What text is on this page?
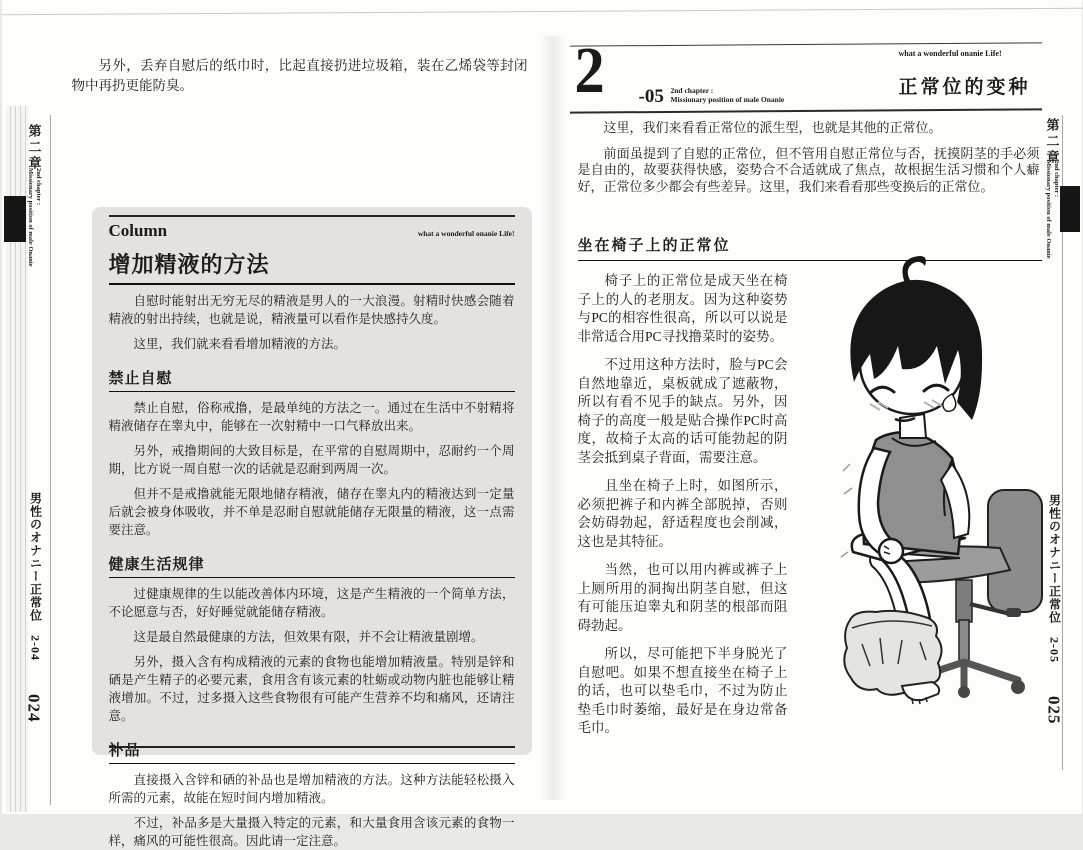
第二章
2nd chapter :
Missionary position of male Onanie
男性のオナニー正常位　2-04
024

另外，丢弃自慰后的纸巾时，比起直接扔进垃圾箱，装在乙烯袋等封闭物中再扔更能防臭。

Column	what a wonderful onanie Life!
增加精液的方法

自慰时能射出无穷无尽的精液是男人的一大浪漫。射精时快感会随着精液的射出持续，也就是说，精液量可以看作是快感持久度。

这里，我们就来看看增加精液的方法。

禁止自慰

禁止自慰，俗称戒撸，是最单纯的方法之一。通过在生活中不射精将精液储存在睾丸中，能够在一次射精中一口气释放出来。

另外，戒撸期间的大致目标是，在平常的自慰周期中，忍耐约一个周期，比方说一周自慰一次的话就是忍耐到两周一次。

但并不是戒撸就能无限地储存精液，储存在睾丸内的精液达到一定量后就会被身体吸收，并不单是忍耐自慰就能储存无限量的精液，这一点需要注意。

健康生活规律

过健康规律的生以能改善体内环境，这是产生精液的一个简单方法，不论愿意与否，好好睡觉就能储存精液。

这是最自然最健康的方法，但效果有限，并不会让精液量剧增。

另外，摄入含有构成精液的元素的食物也能增加精液量。特别是锌和硒是产生精子的必要元素，食用含有该元素的牡蛎或动物内脏也能够让精液增加。不过，过多摄入这些食物很有可能产生营养不均和痛风，还请注意。

补品

直接摄入含锌和硒的补品也是增加精液的方法。这种方法能轻松摄入所需的元素，故能在短时间内增加精液。

不过，补品多是大量摄入特定的元素，和大量食用含该元素的食物一样，痛风的可能性很高。因此请一定注意。

2 -05 2nd chapter :
Missionary position of male Onanie
what a wonderful onanie Life!
正常位的变种

这里，我们来看看正常位的派生型，也就是其他的正常位。

前面虽提到了自慰的正常位，但不管用自慰正常位与否，抚摸阴茎的手必须是自由的，故要获得快感，姿势合不合适就成了焦点，故根据生活习惯和个人癖好，正常位多少都会有些差异。这里，我们来看看那些变换后的正常位。

坐在椅子上的正常位

椅子上的正常位是成天坐在椅子上的人的老朋友。因为这种姿势与PC的相容性很高，所以可以说是非常适合用PC寻找撸菜时的姿势。

不过用这种方法时，脸与PC会自然地靠近，桌板就成了遮蔽物，所以有看不见手的缺点。另外，因椅子的高度一般是贴合操作PC时高度，故椅子太高的话可能勃起的阴茎会抵到桌子背面，需要注意。

且坐在椅子上时，如图所示，必须把裤子和内裤全部脱掉，否则会妨碍勃起，舒适程度也会削减，这也是其特征。

当然，也可以用内裤或裤子上上厕所用的洞掏出阴茎自慰，但这有可能压迫睾丸和阴茎的根部而阻碍勃起。

所以，尽可能把下半身脱光了自慰吧。如果不想直接坐在椅子上的话，也可以垫毛巾，不过为防止垫毛巾时萎缩，最好是在身边常备毛巾。

第二章
2nd chapter :
Missionary position of male Onanie
男性のオナニー正常位　2-05
025
